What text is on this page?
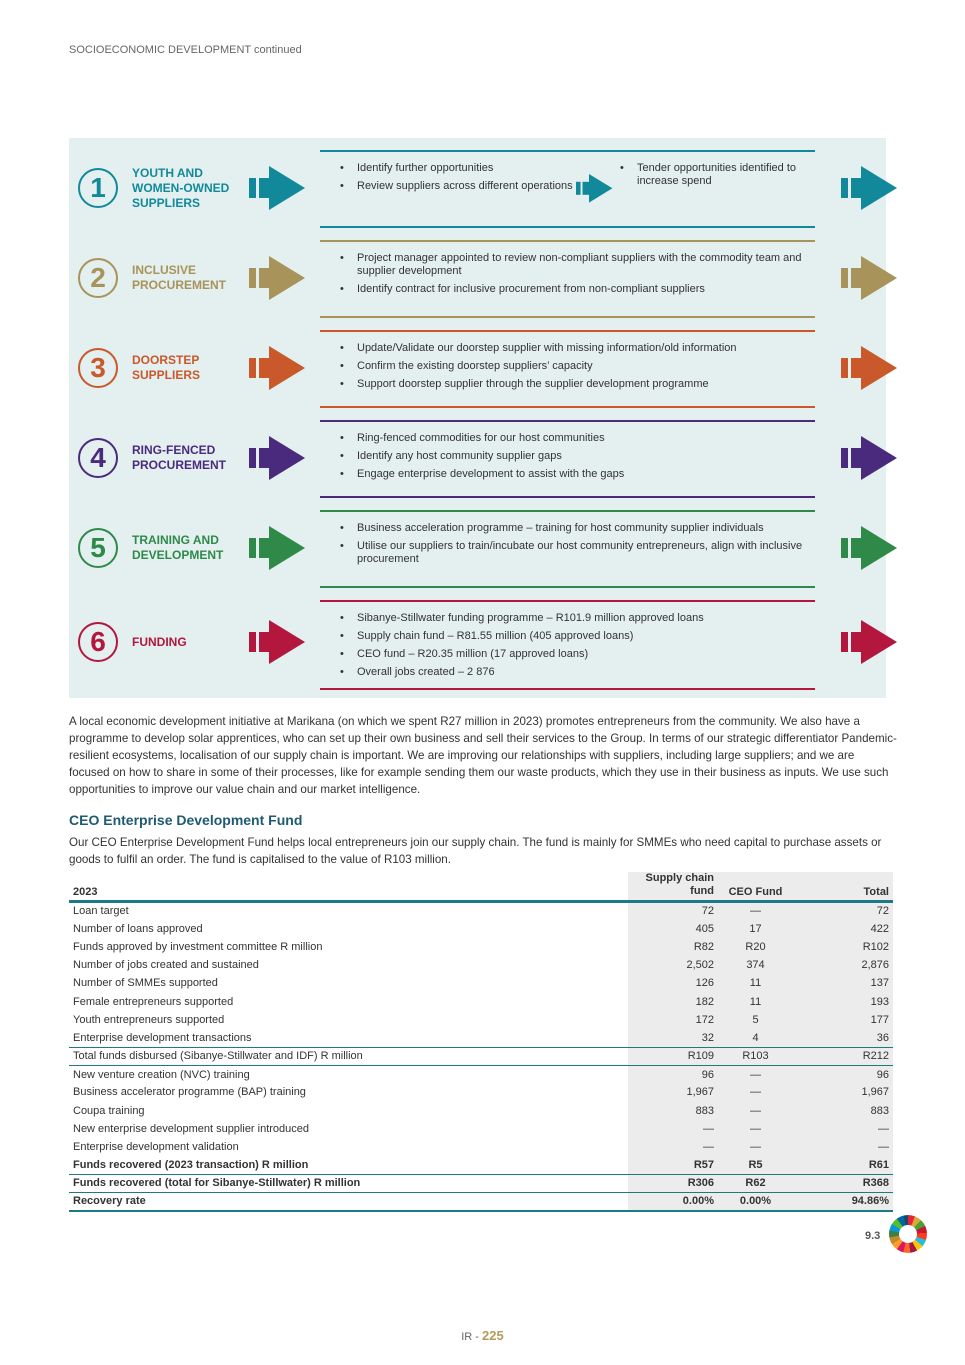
SOCIOECONOMIC DEVELOPMENT continued
1	YOUTH AND WOMEN-OWNED SUPPLIERS
• Identify further opportunities
• Review suppliers across different operations
• Tender opportunities identified to increase spend
2	INCLUSIVE PROCUREMENT
• Project manager appointed to review non-compliant suppliers with the commodity team and supplier development
• Identify contract for inclusive procurement from non-compliant suppliers
3	DOORSTEP SUPPLIERS
• Update/Validate our doorstep supplier with missing information/old information
• Confirm the existing doorstep suppliers’ capacity
• Support doorstep supplier through the supplier development programme
4	RING-FENCED PROCUREMENT
• Ring-fenced commodities for our host communities
• Identify any host community supplier gaps
• Engage enterprise development to assist with the gaps
5	TRAINING AND DEVELOPMENT
• Business acceleration programme – training for host community supplier individuals
• Utilise our suppliers to train/incubate our host community entrepreneurs, align with inclusive procurement
6	FUNDING
• Sibanye-Stillwater funding programme – R101.9 million approved loans
• Supply chain fund – R81.55 million (405 approved loans)
• CEO fund – R20.35 million (17 approved loans)
• Overall jobs created – 2 876

A local economic development initiative at Marikana (on which we spent R27 million in 2023) promotes entrepreneurs from the community. We also have a programme to develop solar apprentices, who can set up their own business and sell their services to the Group. In terms of our strategic differentiator Pandemic-resilient ecosystems, localisation of our supply chain is important. We are improving our relationships with suppliers, including large suppliers; and we are focused on how to share in some of their processes, like for example sending them our waste products, which they use in their business as inputs. We use such opportunities to improve our value chain and our market intelligence.

CEO Enterprise Development Fund

Our CEO Enterprise Development Fund helps local entrepreneurs join our supply chain. The fund is mainly for SMMEs who need capital to purchase assets or goods to fulfil an order. The fund is capitalised to the value of R103 million.

2023	Supply chain fund	CEO Fund	Total
Loan target	72	—	72
Number of loans approved	405	17	422
Funds approved by investment committee R million	R82	R20	R102
Number of jobs created and sustained	2,502	374	2,876
Number of SMMEs supported	126	11	137
Female entrepreneurs supported	182	11	193
Youth entrepreneurs supported	172	5	177
Enterprise development transactions	32	4	36
Total funds disbursed (Sibanye-Stillwater and IDF) R million	R109	R103	R212
New venture creation (NVC) training	96	—	96
Business accelerator programme (BAP) training	1,967	—	1,967
Coupa training	883	—	883
New enterprise development supplier introduced	—	—	—
Enterprise development validation	—	—	—
Funds recovered (2023 transaction) R million	R57	R5	R61
Funds recovered (total for Sibanye-Stillwater) R million	R306	R62	R368
Recovery rate	0.00%	0.00%	94.86%
9.3
IR - 225
